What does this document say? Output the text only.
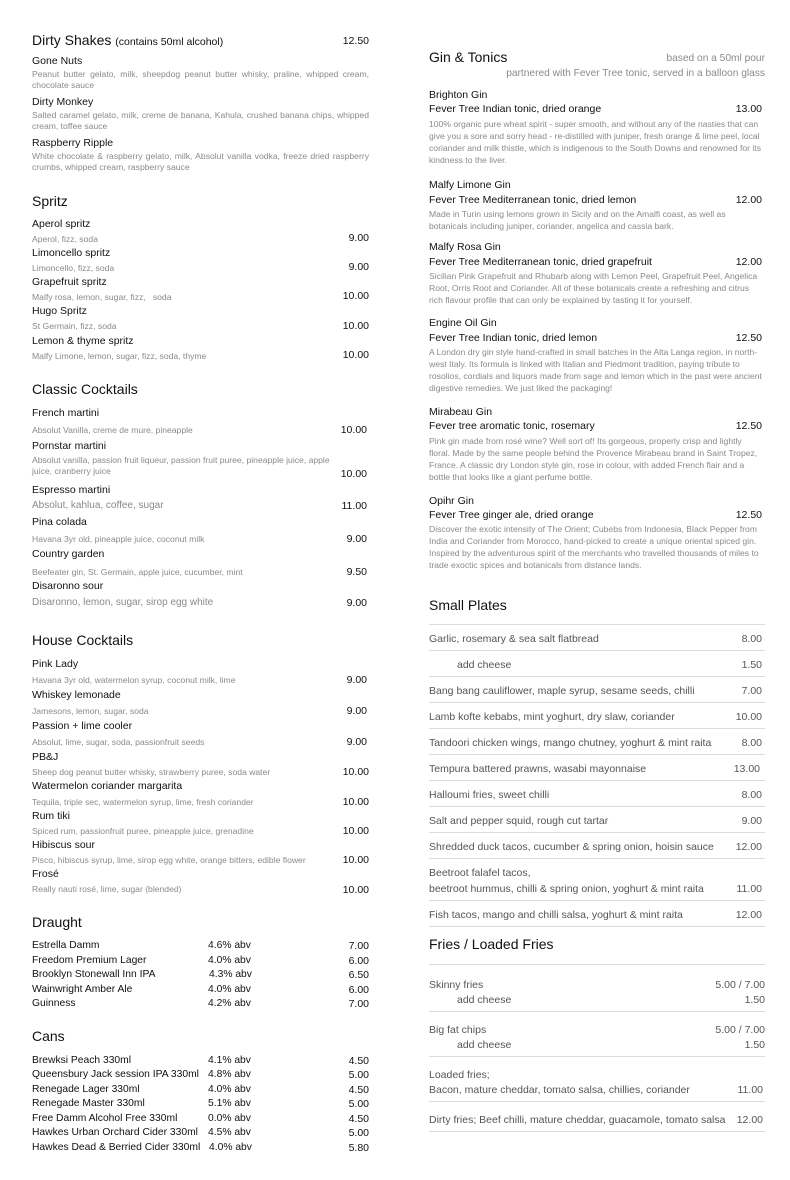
Dirty Shakes (contains 50ml alcohol)	12.50
Gone Nuts
Peanut butter gelato, milk, sheepdog peanut butter whisky, praline, whipped cream, chocolate sauce
Dirty Monkey
Salted caramel gelato, milk, creme de banana, Kahula, crushed banana chips, whipped cream, toffee sauce
Raspberry Ripple
White chocolate & raspberry gelato, milk, Absolut vanilla vodka, freeze dried raspberry crumbs, whipped cream, raspberry sauce
Spritz
Aperol spritz
Aperol, fizz, soda	9.00
Limoncello spritz
Limoncello, fizz, soda	9.00
Grapefruit spritz
Malfy rosa, lemon, sugar, fizz,   soda	10.00
Hugo Spritz
St Germain, fizz, soda	10.00
Lemon & thyme spritz
Malfy Limone, lemon, sugar, fizz, soda, thyme	10.00
Classic Cocktails
French martini
Absolut Vanilla, creme de mure, pineapple	10.00
Pornstar martini
Absolut vanilla, passion fruit liqueur, passion fruit puree, pineapple juice, apple juice, cranberry juice	10.00
Espresso martini
Absolut, kahlua, coffee, sugar	11.00
Pina colada
Havana 3yr old, pineapple juice, coconut milk	9.00
Country garden
Beefeater gin, St. Germain, apple juice, cucumber, mint	9.50
Disaronno sour
Disaronno, lemon, sugar, sirop egg white	9.00
House Cocktails
Pink Lady
Havana 3yr old, watermelon syrup, coconut milk, lime	9.00
Whiskey lemonade
Jamesons, lemon, sugar, soda	9.00
Passion + lime cooler
Absolut, lime, sugar, soda, passionfruit seeds	9.00
PB&J
Sheep dog peanut butter whisky, strawberry puree, soda water	10.00
Watermelon coriander margarita
Tequila, triple sec, watermelon syrup, lime, fresh coriander	10.00
Rum tiki
Spiced rum, passionfruit puree, pineapple juice, grenadine	10.00
Hibiscus sour
Pisco, hibiscus syrup, lime, sirop egg white, orange bitters, edible flower	10.00
Frosé
Really nauti rosé, lime, sugar (blended)	10.00
Draught
Estrella Damm	4.6% abv	7.00
Freedom Premium Lager	4.0% abv	6.00
Brooklyn Stonewall Inn IPA	4.3% abv	6.50
Wainwright Amber Ale	4.0% abv	6.00
Guinness	4.2% abv	7.00
Cans
Brewksi Peach 330ml	4.1% abv	4.50
Queensbury Jack session IPA 330ml 4.8% abv	5.00
Renegade Lager 330ml	4.0% abv	4.50
Renegade Master 330ml	5.1% abv	5.00
Free Damm Alcohol Free 330ml	0.0% abv	4.50
Hawkes Urban Orchard Cider 330ml 4.5% abv	5.00
Hawkes Dead & Berried Cider 330ml 4.0% abv	5.80
Gin & Tonics	based on a 50ml pour
partnered with Fever Tree tonic, served in a balloon glass
Brighton Gin
Fever Tree Indian tonic, dried orange	13.00
100% organic pure wheat spirit - super smooth, and without any of the nasties that can give you a sore and sorry head - re-distilled with juniper, fresh orange & lime peel, local coriander and milk thistle, which is indigenous to the South Downs and renowned for its kindness to the liver.
Malfy Limone Gin
Fever Tree Mediterranean tonic, dried lemon	12.00
Made in Turin using lemons grown in Sicily and on the Amalfi coast, as well as botanicals including juniper, coriander, angelica and cassia bark.
Malfy Rosa Gin
Fever Tree Mediterranean tonic, dried grapefruit	12.00
Sicilian Pink Grapefruit and Rhubarb along with Lemon Peel, Grapefruit Peel, Angelica Root, Orris Root and Coriander. All of these botanicals create a refreshing and citrus rich flavour profile that can only be explained by tasting it for yourself.
Engine Oil Gin
Fever Tree Indian tonic, dried lemon	12.50
A London dry gin style hand-crafted in small batches in the Alta Langa region, in north-west Italy. Its formula is linked with Italian and Piedmont tradition, paying tribute to rosolios, cordials and liquors made from sage and lemon which in the past were ancient digestive remedies. We just liked the packaging!
Mirabeau Gin
Fever tree aromatic tonic, rosemary	12.50
Pink gin made from rosé wine? Well sort of! Its gorgeous, properly crisp and lightly floral. Made by the same people behind the Provence Mirabeau brand in Saint Tropez, France. A classic dry London style gin, rose in colour, with added French flair and a bottle that looks like a giant perfume bottle.
Opihr Gin
Fever Tree ginger ale, dried orange	12.50
Discover the exotic intensity of The Orient; Cubebs from Indonesia, Black Pepper from India and Coriander from Morocco, hand-picked to create a unique oriental spiced gin. Inspired by the adventurous spirit of the merchants who travelled thousands of miles to trade exoctic spices and botanicals from distance lands.
Small Plates
Garlic, rosemary & sea salt flatbread	8.00
add cheese	1.50
Bang bang cauliflower, maple syrup, sesame seeds, chilli	7.00
Lamb kofte kebabs, mint yoghurt, dry slaw, coriander	10.00
Tandoori chicken wings, mango chutney, yoghurt & mint raita	8.00
Tempura battered prawns, wasabi mayonnaise	13.00
Halloumi fries, sweet chilli	8.00
Salt and pepper squid, rough cut tartar	9.00
Shredded duck tacos, cucumber & spring onion, hoisin sauce 12.00
Beetroot falafel tacos,
beetroot hummus, chilli & spring onion, yoghurt & mint raita	11.00
Fish tacos, mango and chilli salsa, yoghurt & mint raita	12.00
Fries / Loaded Fries
Skinny fries	5.00 / 7.00
add cheese	1.50
Big fat chips	5.00 / 7.00
add cheese	1.50
Loaded fries;
Bacon, mature cheddar, tomato salsa, chillies, coriander	11.00
Dirty fries; Beef chilli, mature cheddar, guacamole, tomato salsa 12.00
